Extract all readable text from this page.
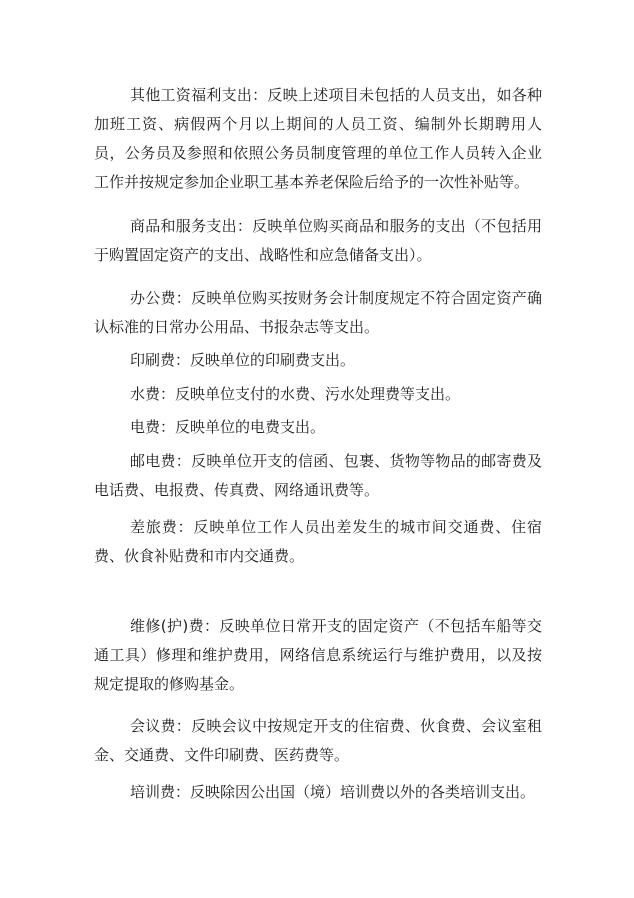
其他工资福利支出：反映上述项目未包括的人员支出，如各种加班工资、病假两个月以上期间的人员工资、编制外长期聘用人员，公务员及参照和依照公务员制度管理的单位工作人员转入企业工作并按规定参加企业职工基本养老保险后给予的一次性补贴等。

商品和服务支出：反映单位购买商品和服务的支出（不包括用于购置固定资产的支出、战略性和应急储备支出）。

办公费：反映单位购买按财务会计制度规定不符合固定资产确认标准的日常办公用品、书报杂志等支出。

印刷费：反映单位的印刷费支出。

水费：反映单位支付的水费、污水处理费等支出。

电费：反映单位的电费支出。

邮电费：反映单位开支的信函、包裹、货物等物品的邮寄费及电话费、电报费、传真费、网络通讯费等。

差旅费：反映单位工作人员出差发生的城市间交通费、住宿费、伙食补贴费和市内交通费。

维修(护)费：反映单位日常开支的固定资产（不包括车船等交通工具）修理和维护费用，网络信息系统运行与维护费用，以及按规定提取的修购基金。

会议费：反映会议中按规定开支的住宿费、伙食费、会议室租金、交通费、文件印刷费、医药费等。

培训费：反映除因公出国（境）培训费以外的各类培训支出。
